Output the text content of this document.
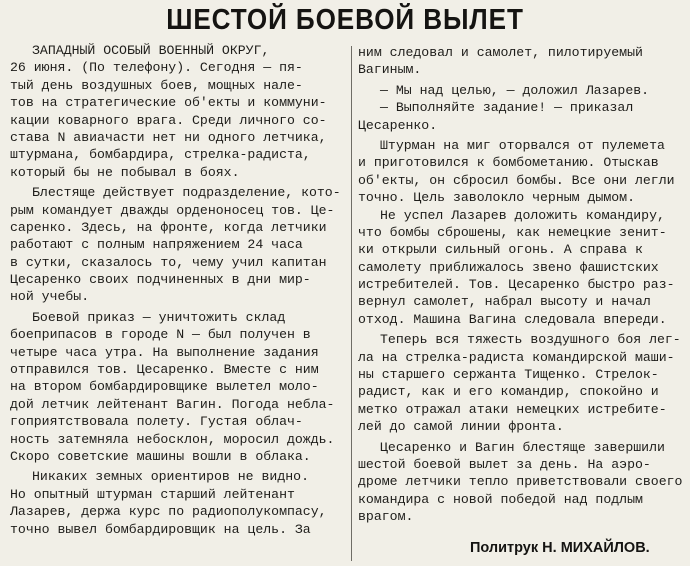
ШЕСТОЙ БОЕВОЙ ВЫЛЕТ
ЗАПАДНЫЙ ОСОБЫЙ ВОЕННЫЙ ОКРУГ,
26 июня. (По телефону). Сегодня — пя-
тый день воздушных боев, мощных налe-
тов на стратегические об'екты и коммуни-
кации коварного врага. Среди личного со-
става N авиачасти нет ни одного летчика,
штурмана, бомбардира, стрелка-радиста,
который бы не побывал в боях.
Блестяще действует подразделение, кото-
рым командует дважды орденоносец тов. Це-
саренко. Здесь, на фронте, когда летчики
работают с полным напряжением 24 часа
в сутки, сказалось то, чему учил капитан
Цесаренко своих подчиненных в дни мир-
ной учебы.
Боевой приказ — уничтожить склад
боеприпасов в городе N — был получен в
четыре часа утра. На выполнение задания
отправился тов. Цесаренко. Вместе с ним
на втором бомбардировщике вылетел моло-
дой летчик лейтенант Вагин. Погода небла-
гоприятствовала полету. Густая облач-
ность затемняла небосклон, моросил дождь.
Скоро советские машины вошли в облака.
Никаких земных ориентиров не видно.
Но опытный штурман старший лейтенант
Лазарев, держа курс по радиополукомпасу,
точно вывел бомбардировщик на цель. За
ним следовал и самолет, пилотируемый
Вагиным.
— Мы над целью, — доложил Лазарев.
— Выполняйте задание! — приказал
Цесаренко.
Штурман на миг оторвался от пулемета
и приготовился к бомбометанию. Отыскав
об'екты, он сбросил бомбы. Все они легли
точно. Цель заволокло черным дымом.
Не успел Лазарев доложить командиру,
что бомбы сброшены, как немецкие зенит-
ки открыли сильный огонь. А справа к
самолету приближалось звено фашистских
истребителей. Тов. Цесаренко быстро раз-
вернул самолет, набрал высоту и начал
отход. Машина Вагина следовала впереди.
Теперь вся тяжесть воздушного боя лег-
ла на стрелка-радиста командирской маши-
ны старшего сержанта Тищенко. Стрелок-
радист, как и его командир, спокойно и
метко отражал атаки немецких истребите-
лей до самой линии фронта.
Цесаренко и Вагин блестяще завершили
шестой боевой вылет за день. На аэро-
дроме летчики тепло приветствовали своего
командира с новой победой над подлым
врагом.
Политрук Н. МИХАЙЛОВ.
